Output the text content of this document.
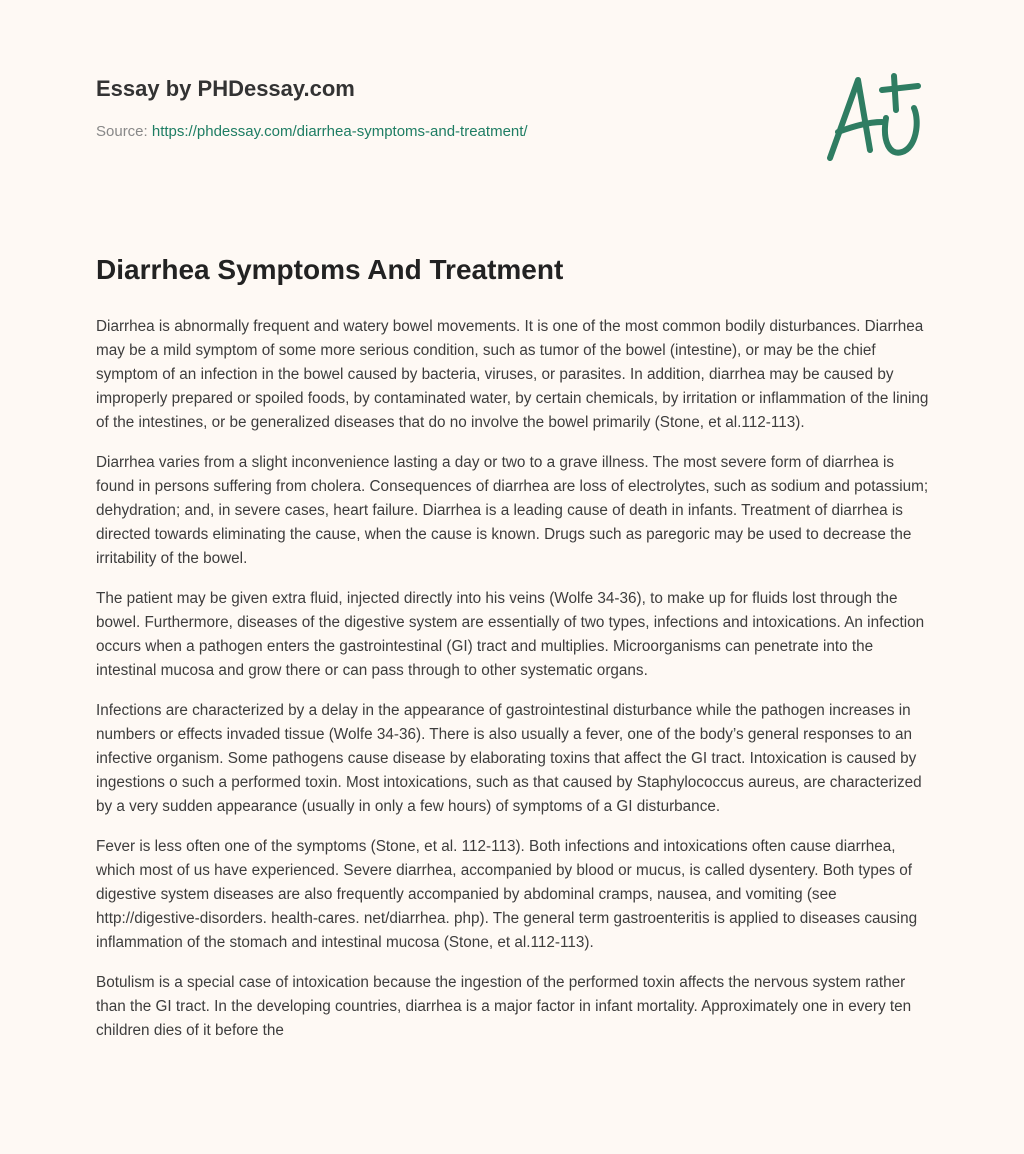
Essay by PHDessay.com
Source: https://phdessay.com/diarrhea-symptoms-and-treatment/
Diarrhea Symptoms And Treatment

Diarrhea is abnormally frequent and watery bowel movements. It is one of the most common bodily disturbances. Diarrhea may be a mild symptom of some more serious condition, such as tumor of the bowel (intestine), or may be the chief symptom of an infection in the bowel caused by bacteria, viruses, or parasites. In addition, diarrhea may be caused by improperly prepared or spoiled foods, by contaminated water, by certain chemicals, by irritation or inflammation of the lining of the intestines, or be generalized diseases that do no involve the bowel primarily (Stone, et al.112-113).

Diarrhea varies from a slight inconvenience lasting a day or two to a grave illness. The most severe form of diarrhea is found in persons suffering from cholera. Consequences of diarrhea are loss of electrolytes, such as sodium and potassium; dehydration; and, in severe cases, heart failure. Diarrhea is a leading cause of death in infants. Treatment of diarrhea is directed towards eliminating the cause, when the cause is known. Drugs such as paregoric may be used to decrease the irritability of the bowel.

The patient may be given extra fluid, injected directly into his veins (Wolfe 34-36), to make up for fluids lost through the bowel. Furthermore, diseases of the digestive system are essentially of two types, infections and intoxications. An infection occurs when a pathogen enters the gastrointestinal (GI) tract and multiplies. Microorganisms can penetrate into the intestinal mucosa and grow there or can pass through to other systematic organs.

Infections are characterized by a delay in the appearance of gastrointestinal disturbance while the pathogen increases in numbers or effects invaded tissue (Wolfe 34-36). There is also usually a fever, one of the body’s general responses to an infective organism. Some pathogens cause disease by elaborating toxins that affect the GI tract. Intoxication is caused by ingestions o such a performed toxin. Most intoxications, such as that caused by Staphylococcus aureus, are characterized by a very sudden appearance (usually in only a few hours) of symptoms of a GI disturbance.

Fever is less often one of the symptoms (Stone, et al. 112-113). Both infections and intoxications often cause diarrhea, which most of us have experienced. Severe diarrhea, accompanied by blood or mucus, is called dysentery. Both types of digestive system diseases are also frequently accompanied by abdominal cramps, nausea, and vomiting (see http://digestive-disorders. health-cares. net/diarrhea. php). The general term gastroenteritis is applied to diseases causing inflammation of the stomach and intestinal mucosa (Stone, et al.112-113).

Botulism is a special case of intoxication because the ingestion of the performed toxin affects the nervous system rather than the GI tract. In the developing countries, diarrhea is a major factor in infant mortality. Approximately one in every ten children dies of it before the
